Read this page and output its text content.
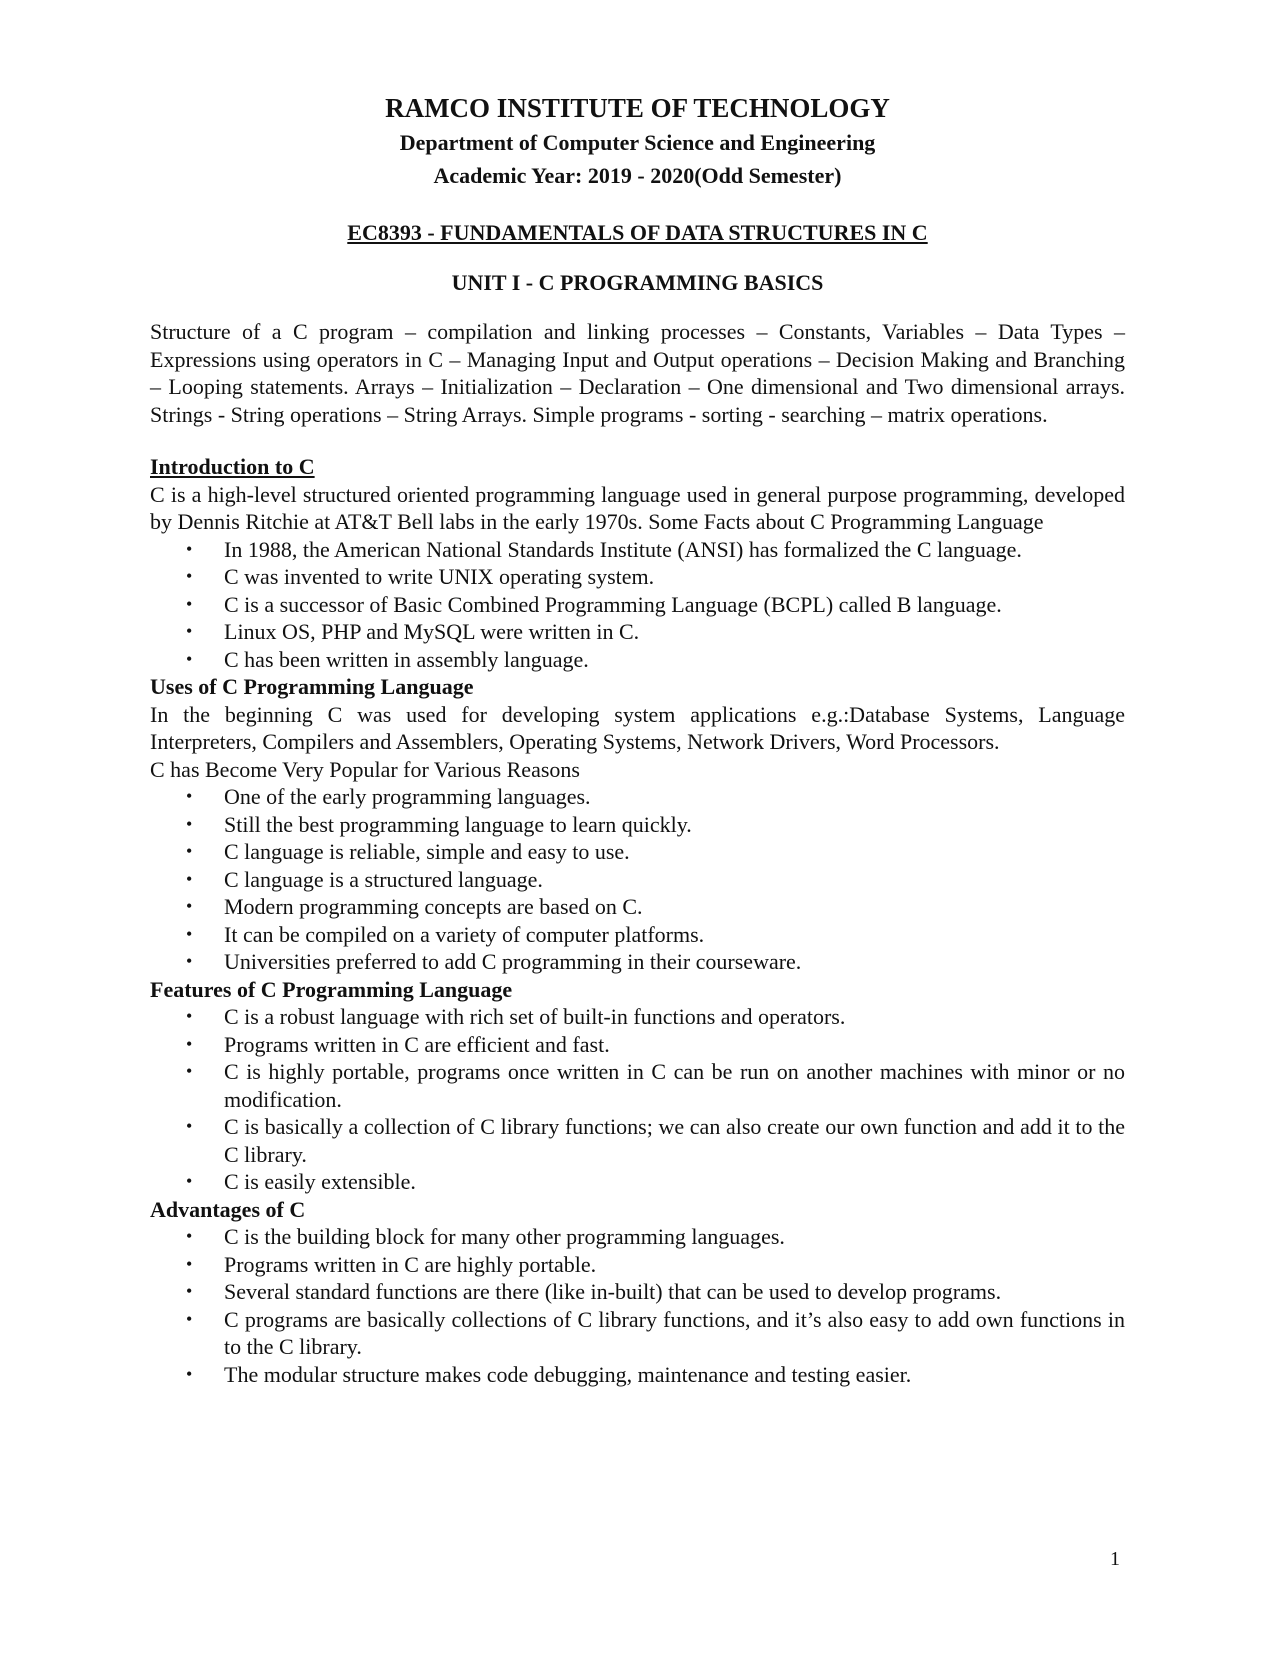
RAMCO INSTITUTE OF TECHNOLOGY
Department of Computer Science and Engineering
Academic Year: 2019 - 2020(Odd Semester)
EC8393 - FUNDAMENTALS OF DATA STRUCTURES IN C
UNIT I - C PROGRAMMING BASICS

Structure of a C program – compilation and linking processes – Constants, Variables – Data Types – Expressions using operators in C – Managing Input and Output operations – Decision Making and Branching – Looping statements. Arrays – Initialization – Declaration – One dimensional and Two dimensional arrays. Strings - String operations – String Arrays. Simple programs - sorting - searching – matrix operations.

Introduction to C

C is a high-level structured oriented programming language used in general purpose programming, developed by Dennis Ritchie at AT&T Bell labs in the early 1970s. Some Facts about C Programming Language

• In 1988, the American National Standards Institute (ANSI) has formalized the C language.
• C was invented to write UNIX operating system.
• C is a successor of Basic Combined Programming Language (BCPL) called B language.
• Linux OS, PHP and MySQL were written in C.
• C has been written in assembly language.
Uses of C Programming Language

In the beginning C was used for developing system applications e.g.:Database Systems, Language Interpreters, Compilers and Assemblers, Operating Systems, Network Drivers, Word Processors.

C has Become Very Popular for Various Reasons

• One of the early programming languages.
• Still the best programming language to learn quickly.
• C language is reliable, simple and easy to use.
• C language is a structured language.
• Modern programming concepts are based on C.
• It can be compiled on a variety of computer platforms.
• Universities preferred to add C programming in their courseware.
Features of C Programming Language
• C is a robust language with rich set of built-in functions and operators.
• Programs written in C are efficient and fast.
• C is highly portable, programs once written in C can be run on another machines with minor or no modification.
• C is basically a collection of C library functions; we can also create our own function and add it to the C library.
• C is easily extensible.
Advantages of C
• C is the building block for many other programming languages.
• Programs written in C are highly portable.
• Several standard functions are there (like in-built) that can be used to develop programs.
• C programs are basically collections of C library functions, and it’s also easy to add own functions in to the C library.
• The modular structure makes code debugging, maintenance and testing easier.
1
